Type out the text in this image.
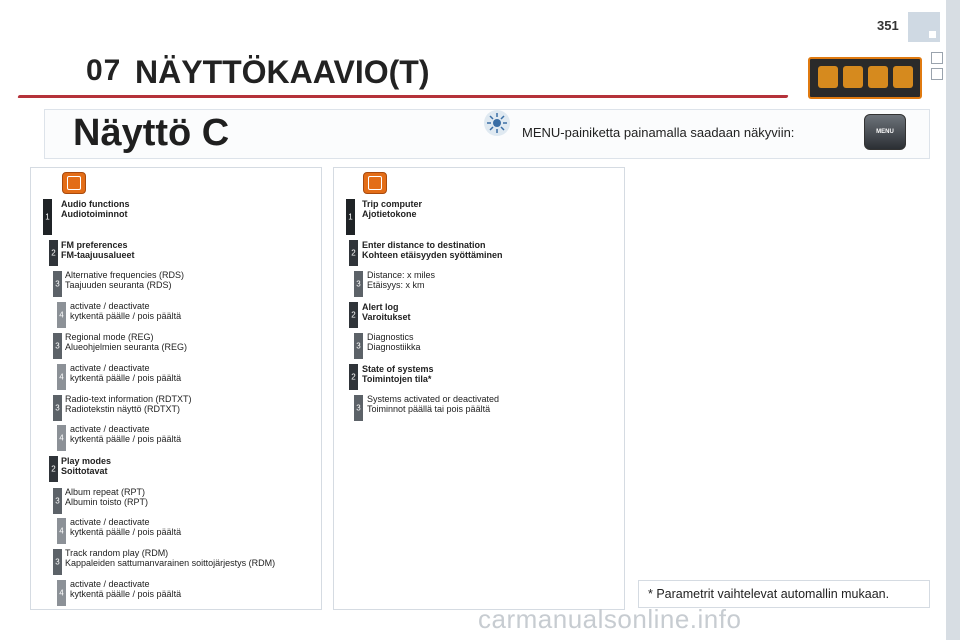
351
07 NÄYTTÖKAAVIO(T)
Näyttö C	MENU-painiketta painamalla saadaan näkyviin:	MENU
1
Audio functions
Audiotoiminnot
2
FM preferences
FM-taajuusalueet
3
Alternative frequencies (RDS)
Taajuuden seuranta (RDS)
4
activate / deactivate
kytkentä päälle / pois päältä
3
Regional mode (REG)
Alueohjelmien seuranta (REG)
4
activate / deactivate
kytkentä päälle / pois päältä
3
Radio-text information (RDTXT)
Radiotekstin näyttö (RDTXT)
4
activate / deactivate
kytkentä päälle / pois päältä
2
Play modes
Soittotavat
3
Album repeat (RPT)
Albumin toisto (RPT)
4
activate / deactivate
kytkentä päälle / pois päältä
3
Track random play (RDM)
Kappaleiden sattumanvarainen soittojärjestys (RDM)
4
activate / deactivate
kytkentä päälle / pois päältä
1
Trip computer
Ajotietokone
2
Enter distance to destination
Kohteen etäisyyden syöttäminen
3
Distance: x miles
Etäisyys: x km
2
Alert log
Varoitukset
3
Diagnostics
Diagnostiikka
2
State of systems
Toimintojen tila*
3
Systems activated or deactivated
Toiminnot päällä tai pois päältä
* Parametrit vaihtelevat automallin mukaan.
carmanualsonline.info
